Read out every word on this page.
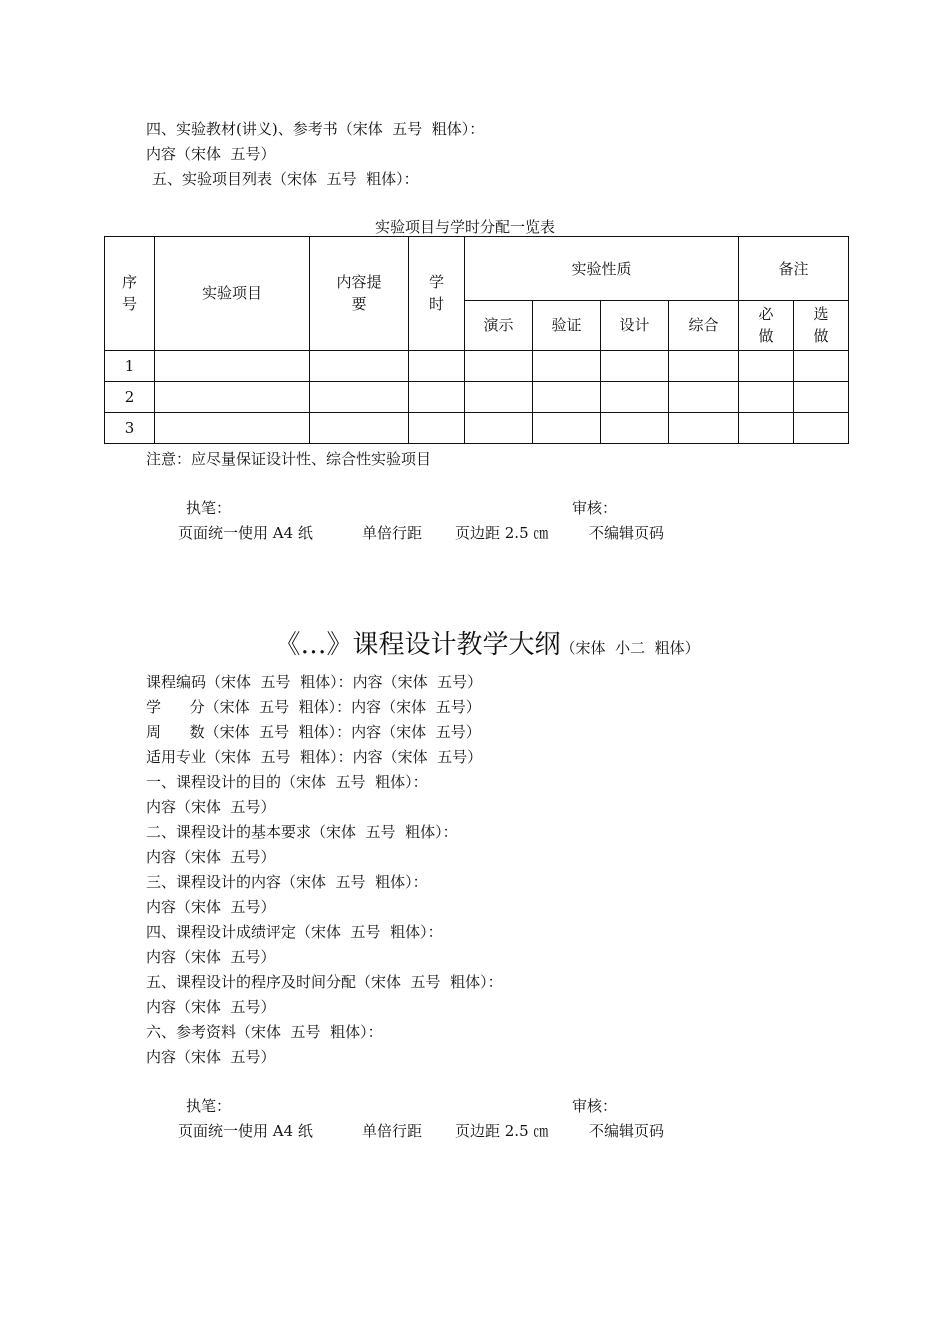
四、实验教材(讲义)、参考书（宋体  五号  粗体）：
内容（宋体  五号）
五、实验项目列表（宋体  五号  粗体）：
实验项目与学时分配一览表
序号	实验项目	内容提要	学时	实验性质				备注	
				演示	验证	设计	综合	必做	选做
1									
2									
3									
注意：应尽量保证设计性、综合性实验项目
执笔：	审核：
页面统一使用 A4 纸	单倍行距 页边距 2.5 ㎝	不编辑页码

《…》课程设计教学大纲（宋体  小二  粗体）

课程编码（宋体  五号  粗体）：内容（宋体  五号）
学      分（宋体  五号  粗体）：内容（宋体  五号）
周      数（宋体  五号  粗体）：内容（宋体  五号）
适用专业（宋体  五号  粗体）：内容（宋体  五号）
一、课程设计的目的（宋体  五号  粗体）：
内容（宋体  五号）
二、课程设计的基本要求（宋体  五号  粗体）：
内容（宋体  五号）
三、课程设计的内容（宋体  五号  粗体）：
内容（宋体  五号）
四、课程设计成绩评定（宋体  五号  粗体）：
内容（宋体  五号）
五、课程设计的程序及时间分配（宋体  五号  粗体）：
内容（宋体  五号）
六、参考资料（宋体  五号  粗体）：
内容（宋体  五号）
执笔：	审核：
页面统一使用 A4 纸	单倍行距 页边距 2.5 ㎝	不编辑页码
